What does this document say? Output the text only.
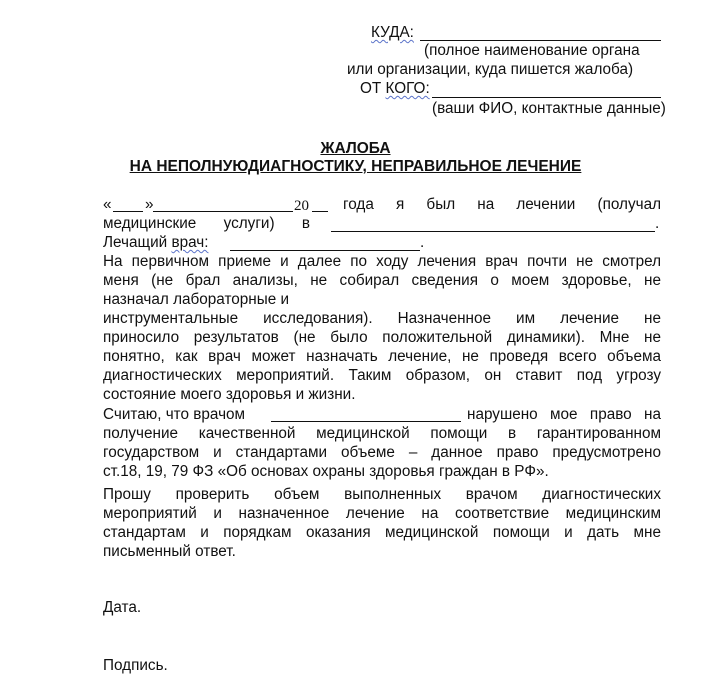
КУДА:
(полное наименование органа
или организации, куда пишется жалоба)
ОТ КОГО:
(ваши ФИО, контактные данные)
ЖАЛОБА
НА НЕПОЛНУЮДИАГНОСТИКУ, НЕПРАВИЛЬНОЕ ЛЕЧЕНИЕ
« »	20 года я был на лечении (получал
медицинские услуги) в	.
Лечащий врач:	.
На первичном приеме и далее по ходу лечения врач почти не смотрел
меня (не брал анализы, не собирал сведения о моем здоровье, не
назначал лабораторные и
инструментальные исследования). Назначенное им лечение не
приносило результатов (не было положительной динамики). Мне не
понятно, как врач может назначать лечение, не проведя всего объема
диагностических мероприятий. Таким образом, он ставит под угрозу
состояние моего здоровья и жизни.
Считаю, что врачом	нарушено мое право на
получение качественной медицинской помощи в гарантированном
государством и стандартами объеме – данное право предусмотрено
ст.18, 19, 79 ФЗ «Об основах охраны здоровья граждан в РФ».
Прошу проверить объем выполненных врачом диагностических
мероприятий и назначенное лечение на соответствие медицинским
стандартам и порядкам оказания медицинской помощи и дать мне
письменный ответ.
Дата.
Подпись.
